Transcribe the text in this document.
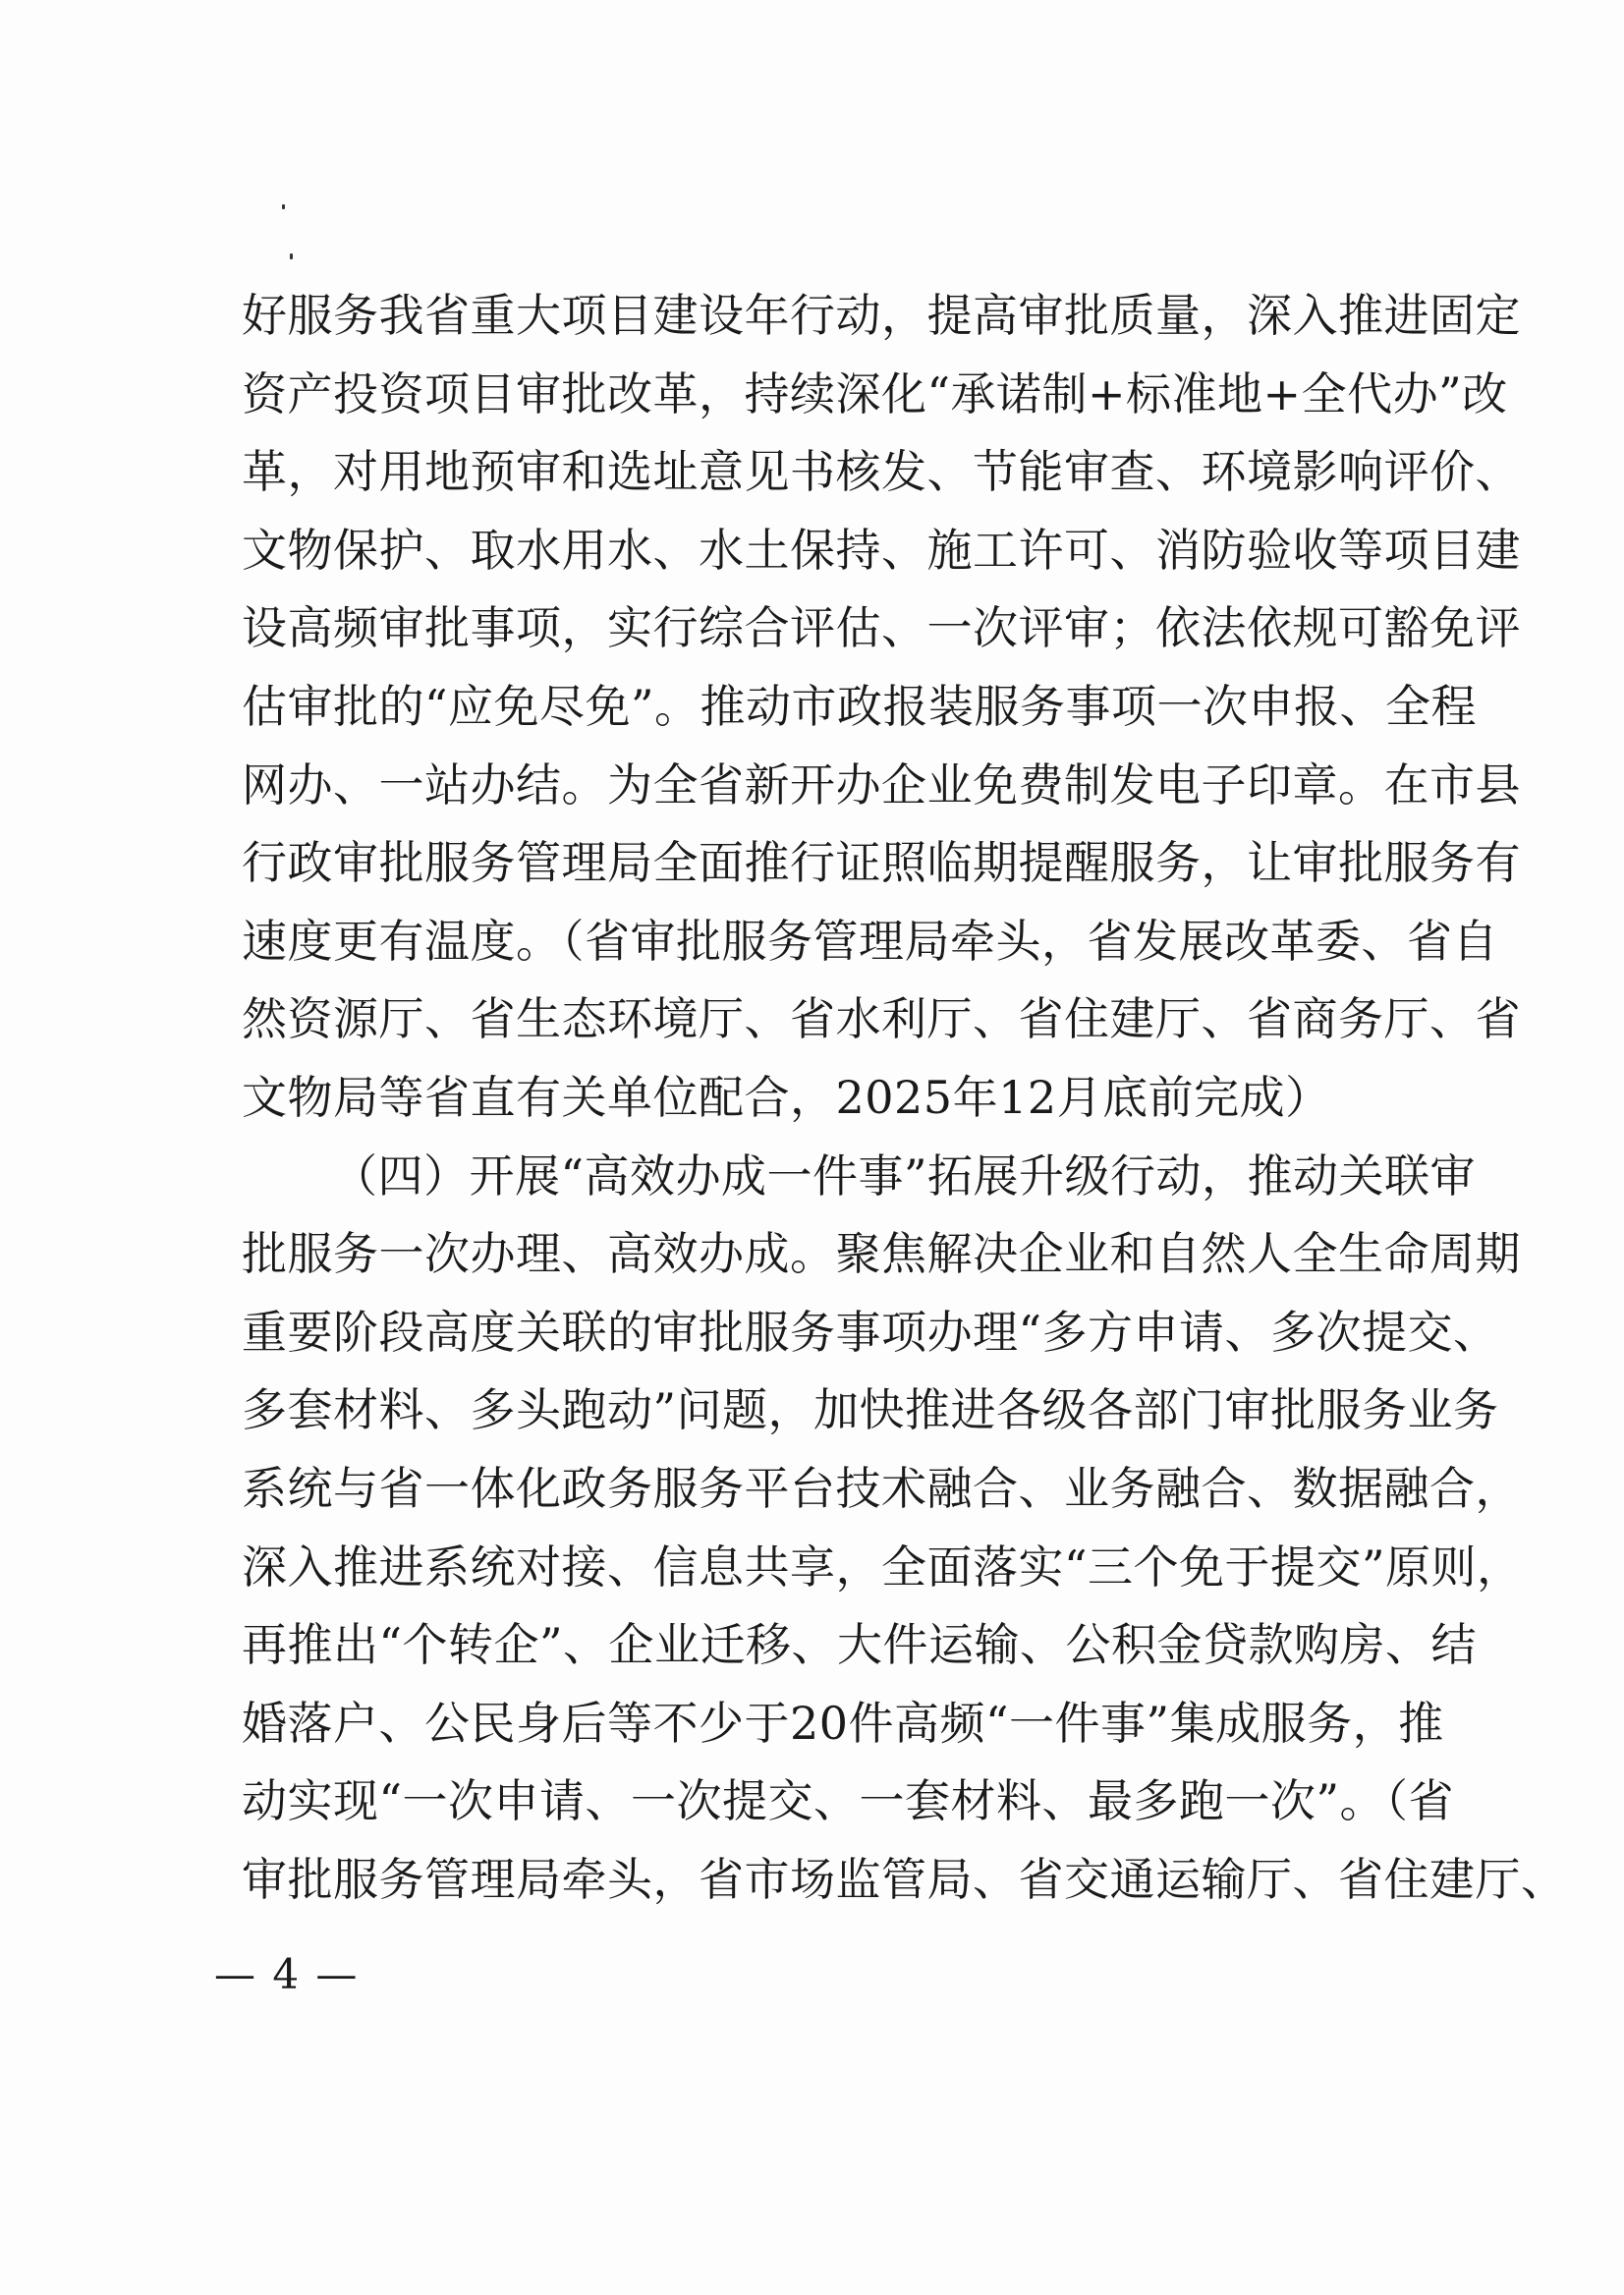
好服务我省重大项目建设年行动，提高审批质量，深入推进固定
资产投资项目审批改革，持续深化“承诺制+标准地+全代办”改
革，对用地预审和选址意见书核发、节能审查、环境影响评价、
文物保护、取水用水、水土保持、施工许可、消防验收等项目建
设高频审批事项，实行综合评估、一次评审；依法依规可豁免评
估审批的“应免尽免”。推动市政报装服务事项一次申报、全程
网办、一站办结。为全省新开办企业免费制发电子印章。在市县
行政审批服务管理局全面推行证照临期提醒服务，让审批服务有
速度更有温度。（省审批服务管理局牵头，省发展改革委、省自
然资源厅、省生态环境厅、省水利厅、省住建厅、省商务厅、省
文物局等省直有关单位配合，2025年12月底前完成）
（四）开展“高效办成一件事”拓展升级行动，推动关联审
批服务一次办理、高效办成。聚焦解决企业和自然人全生命周期
重要阶段高度关联的审批服务事项办理“多方申请、多次提交、
多套材料、多头跑动”问题，加快推进各级各部门审批服务业务
系统与省一体化政务服务平台技术融合、业务融合、数据融合，
深入推进系统对接、信息共享，全面落实“三个免于提交”原则，
再推出“个转企”、企业迁移、大件运输、公积金贷款购房、结
婚落户、公民身后等不少于20件高频“一件事”集成服务，推
动实现“一次申请、一次提交、一套材料、最多跑一次”。（省
审批服务管理局牵头，省市场监管局、省交通运输厅、省住建厅、
— 4 —
